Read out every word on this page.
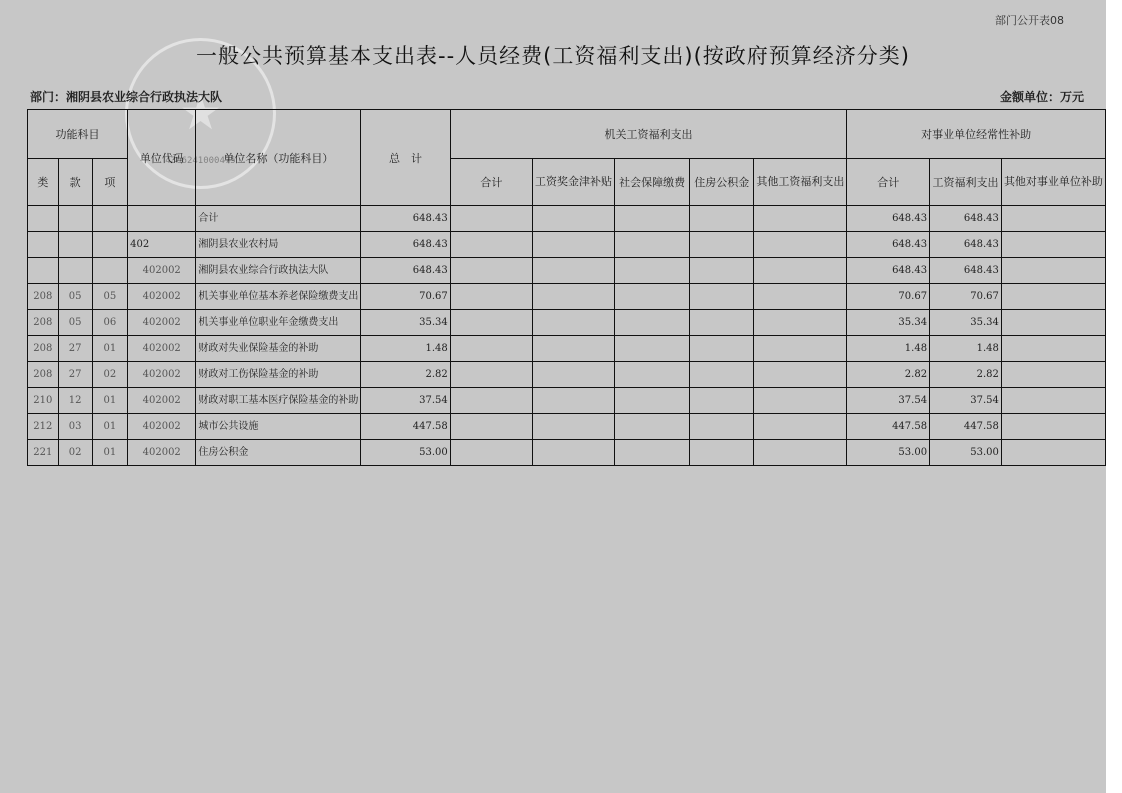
部门公开表08
★
4306241000475
一般公共预算基本支出表--人员经费(工资福利支出)(按政府预算经济分类)
部门：湘阴县农业综合行政执法大队	金额单位：万元
功能科目			单位代码	单位名称（功能科目）	总　计	机关工资福利支出					对事业单位经常性补助		
类	款	项				合计	工资奖金津补贴	社会保障缴费	住房公积金	其他工资福利支出	合计	工资福利支出	其他对事业单位补助
				合计	648.43						648.43	648.43	
			402	湘阴县农业农村局	648.43						648.43	648.43	
			402002	湘阴县农业综合行政执法大队	648.43						648.43	648.43	
208	05	05	402002	机关事业单位基本养老保险缴费支出	70.67						70.67	70.67	
208	05	06	402002	机关事业单位职业年金缴费支出	35.34						35.34	35.34	
208	27	01	402002	财政对失业保险基金的补助	1.48						1.48	1.48	
208	27	02	402002	财政对工伤保险基金的补助	2.82						2.82	2.82	
210	12	01	402002	财政对职工基本医疗保险基金的补助	37.54						37.54	37.54	
212	03	01	402002	城市公共设施	447.58						447.58	447.58	
221	02	01	402002	住房公积金	53.00						53.00	53.00	
